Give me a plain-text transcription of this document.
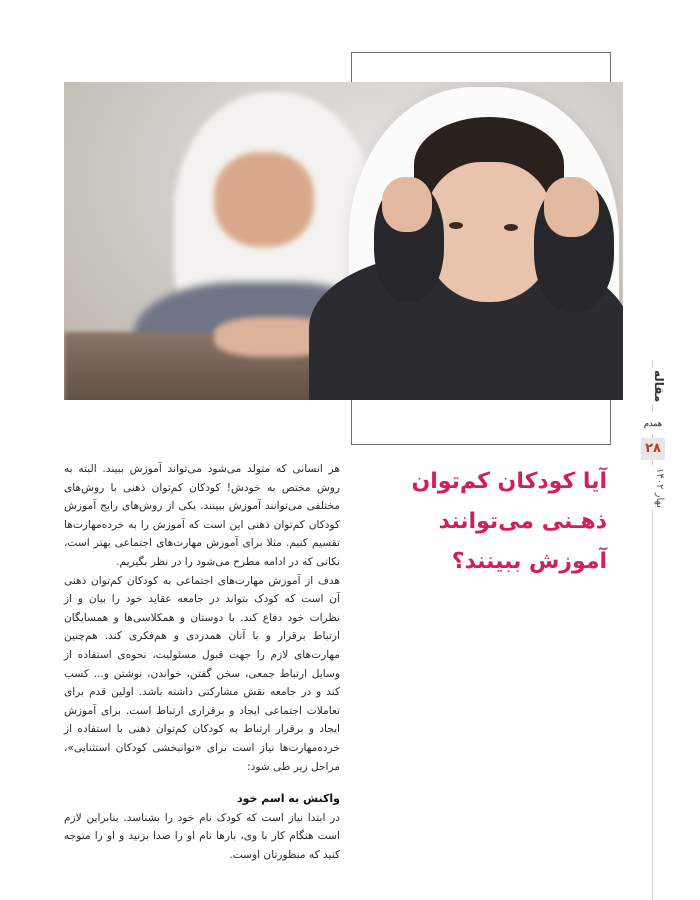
مقاله
همدم
۲۸
بهار ۱۴۰۲
آیا کودکان کم‌توان ذهـنی می‌توانند آموزش ببینند؟

هر انسانی که متولد می‌شود می‌تواند آموزش ببیند. البته به روش مختص به خودش! کودکان کم‌توان ذهنی با روش‌های مختلفی می‌توانند آموزش ببینند. یکی از روش‌های رایج آموزش کودکان کم‌توان ذهنی این است که آموزش را به خرده‌مهارت‌ها تقسیم کنیم. مثلا برای آموزش مهارت‌های اجتماعی بهتر است، نکاتی که در ادامه مطرح می‌شود را در نظر بگیریم.

هدف از آموزش مهارت‌های اجتماعی به کودکان کم‌توان ذهنی آن است که کودک بتواند در جامعه عقاید خود را بیان و از نظرات خود دفاع کند. با دوستان و همکلاسی‌ها و همسایگان ارتباط برقرار و با آنان همدردی و هم‌فکری کند. هم‌چنین مهارت‌های لازم را جهت قبول مسئولیت، نحوه‌ی استفاده از وسایل ارتباط جمعی، سخن گفتن، خواندن، نوشتن و... کسب کند و در جامعه نقش مشارکتی داشته باشد. اولین قدم برای تعاملات اجتماعی ایجاد و برقراری ارتباط است. برای آموزش ایجاد و برقرار ارتباط به کودکان کم‌توان ذهنی با استفاده از خرده‌مهارت‌ها نیاز است برای «توانبخشی کودکان استثنایی»، مراحل زیر طی شود:

واکنش به اسم خود

در ابتدا نیاز است که کودک نام خود را بشناسد. بنابراین لازم است هنگام کار با وی، بارها نام او را صدا بزنید و او را متوجه کنید که منظورتان اوست.
